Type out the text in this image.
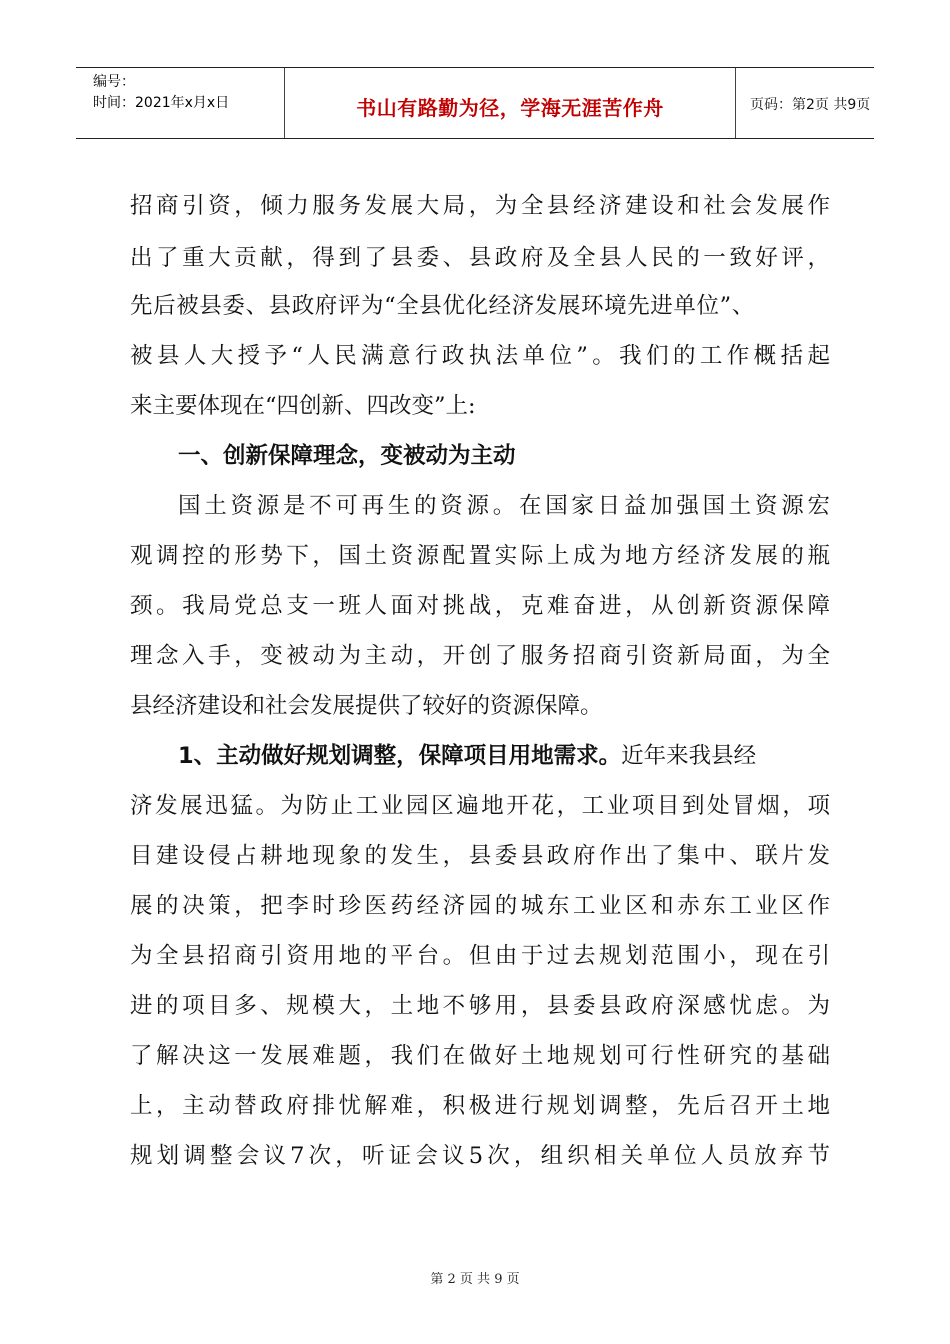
编号：
时间：2021年x月x日	书山有路勤为径，学海无涯苦作舟	页码：第2页 共9页
招商引资，倾力服务发展大局，为全县经济建设和社会发展作
出了重大贡献，得到了县委、县政府及全县人民的一致好评，
先后被县委、县政府评为“全县优化经济发展环境先进单位”、
被县人大授予“人民满意行政执法单位”。我们的工作概括起
来主要体现在“四创新、四改变”上:
一、创新保障理念，变被动为主动
国土资源是不可再生的资源。在国家日益加强国土资源宏
观调控的形势下，国土资源配置实际上成为地方经济发展的瓶
颈。我局党总支一班人面对挑战，克难奋进，从创新资源保障
理念入手，变被动为主动，开创了服务招商引资新局面，为全
县经济建设和社会发展提供了较好的资源保障。
1、主动做好规划调整，保障项目用地需求。近年来我县经
济发展迅猛。为防止工业园区遍地开花，工业项目到处冒烟，项
目建设侵占耕地现象的发生，县委县政府作出了集中、联片发
展的决策，把李时珍医药经济园的城东工业区和赤东工业区作
为全县招商引资用地的平台。但由于过去规划范围小，现在引
进的项目多、规模大，土地不够用，县委县政府深感忧虑。为
了解决这一发展难题，我们在做好土地规划可行性研究的基础
上，主动替政府排忧解难，积极进行规划调整，先后召开土地
规划调整会议7次，听证会议5次，组织相关单位人员放弃节
第 2 页 共 9 页
